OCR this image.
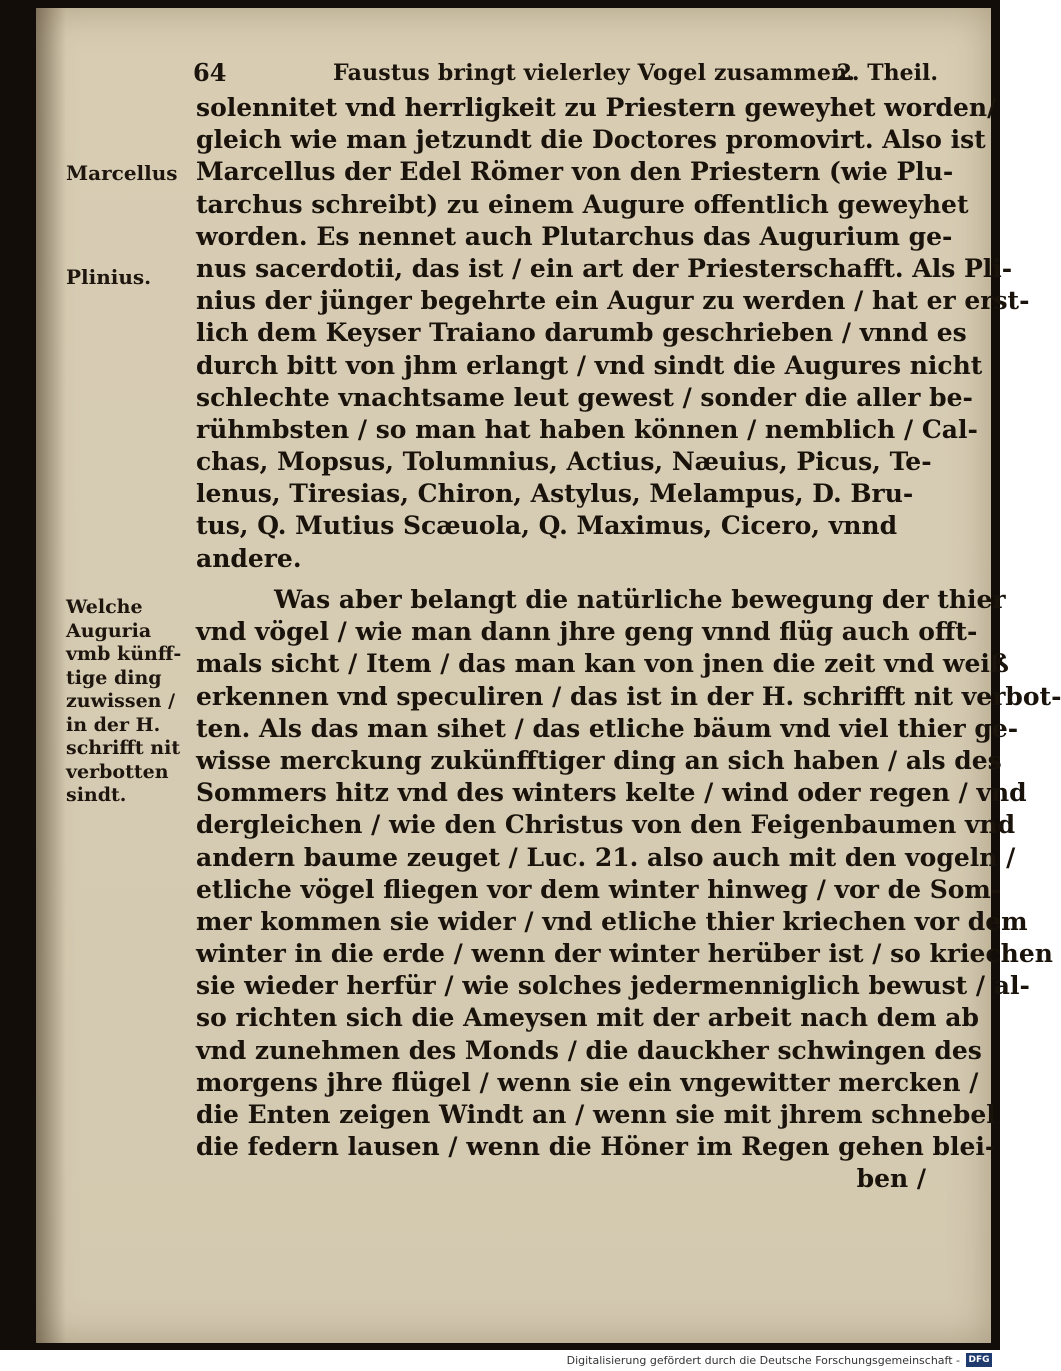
64	Faustus bringt vielerley Vogel zusammen.
2. Theil.
Marcellus
Plinius.
Welche
Auguria
vmb künff-
tige ding
zuwissen /
in der H.
schrifft nit
verbotten
sindt.
solennitet vnd herrligkeit zu Priestern geweyhet worden/
gleich wie man jetzundt die Doctores promovirt. Also ist
Marcellus der Edel Römer von den Priestern (wie Plu-
tarchus schreibt) zu einem Augure offentlich geweyhet
worden. Es nennet auch Plutarchus das Augurium ge-
nus sacerdotii, das ist / ein art der Priesterschafft. Als Pli-
nius der jünger begehrte ein Augur zu werden / hat er erst-
lich dem Keyser Traiano darumb geschrieben / vnnd es
durch bitt von jhm erlangt / vnd sindt die Augures nicht
schlechte vnachtsame leut gewest / sonder die aller be-
rühmbsten / so man hat haben können / nemblich / Cal-
chas, Mopsus, Tolumnius, Actius, Næuius, Picus, Te-
lenus, Tiresias, Chiron, Astylus, Melampus, D. Bru-
tus, Q. Mutius Scæuola, Q. Maximus, Cicero, vnnd
andere.
Was aber belangt die natürliche bewegung der thier
vnd vögel / wie man dann jhre geng vnnd flüg auch offt-
mals sicht / Item / das man kan von jnen die zeit vnd weiß
erkennen vnd speculiren / das ist in der H. schrifft nit verbot-
ten. Als das man sihet / das etliche bäum vnd viel thier ge-
wisse merckung zukünfftiger ding an sich haben / als des
Sommers hitz vnd des winters kelte / wind oder regen / vnd
dergleichen / wie den Christus von den Feigenbaumen vnd
andern baume zeuget / Luc. 21. also auch mit den vogeln /
etliche vögel fliegen vor dem winter hinweg / vor de Som-
mer kommen sie wider / vnd etliche thier kriechen vor dem
winter in die erde / wenn der winter herüber ist / so kriechen
sie wieder herfür / wie solches jedermenniglich bewust / al-
so richten sich die Ameysen mit der arbeit nach dem ab
vnd zunehmen des Monds / die dauckher schwingen des
morgens jhre flügel / wenn sie ein vngewitter mercken /
die Enten zeigen Windt an / wenn sie mit jhrem schnebel
die federn lausen / wenn die Höner im Regen gehen blei-
ben /
Digitalisierung gefördert durch die Deutsche Forschungsgemeinschaft - DFG
